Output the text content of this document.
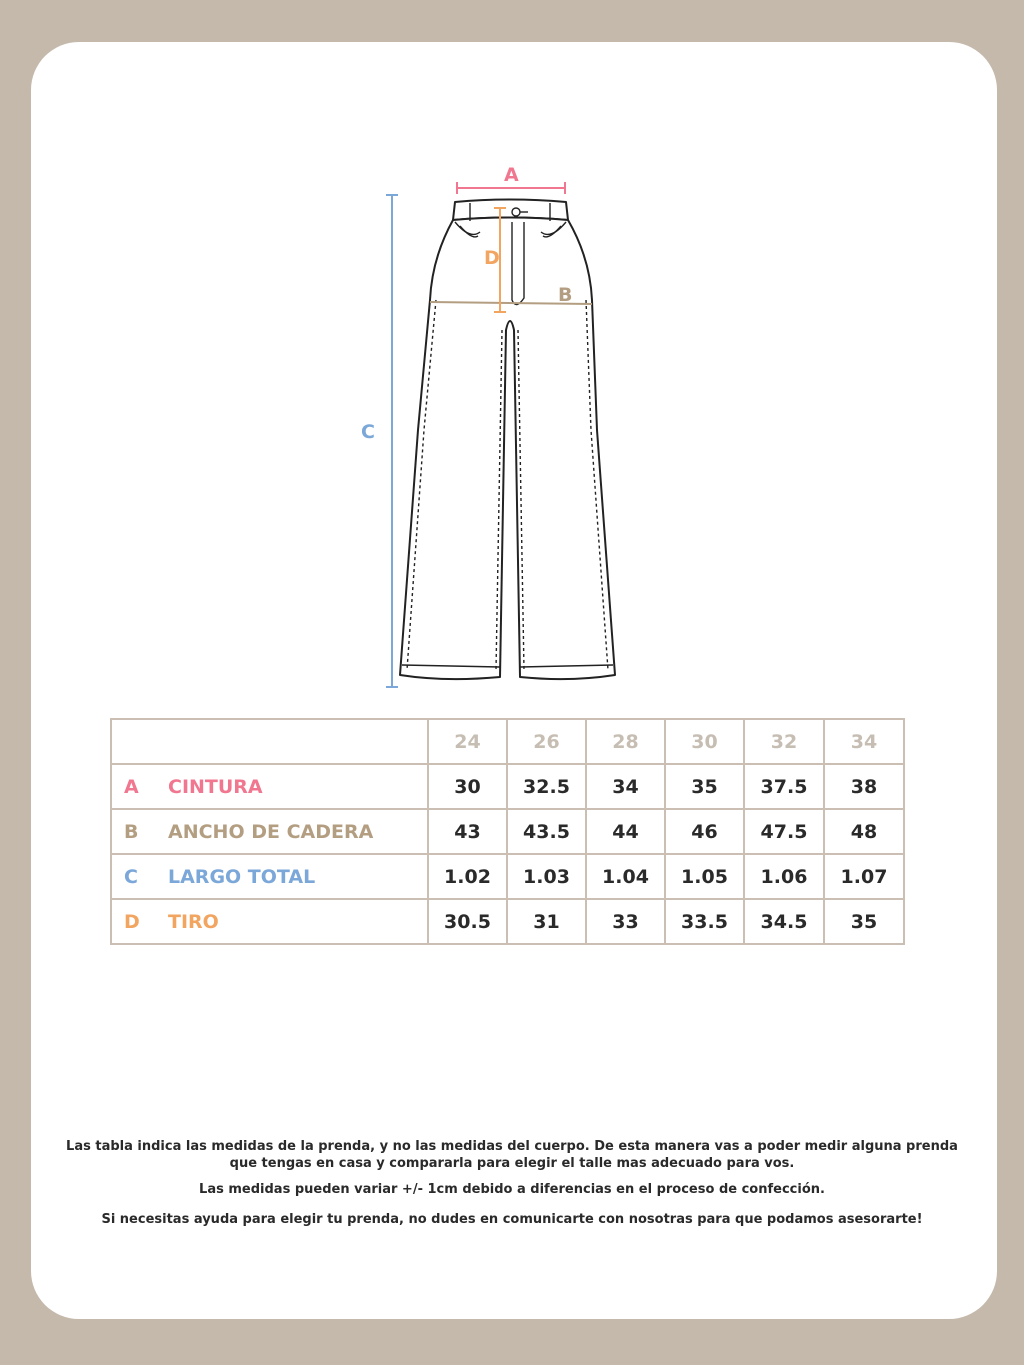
A
D
B
C
	24	26	28	30	32	34
A CINTURA	30	32.5	34	35	37.5	38
B ANCHO DE CADERA	43	43.5	44	46	47.5	48
C LARGO TOTAL	1.02	1.03	1.04	1.05	1.06	1.07
D TIRO	30.5	31	33	33.5	34.5	35
Las tabla indica las medidas de la prenda, y no las medidas del cuerpo. De esta manera vas a poder medir alguna prenda
que tengas en casa y compararla para elegir el talle mas adecuado para vos.
Las medidas pueden variar +/- 1cm debido a diferencias en el proceso de confección.
Si necesitas ayuda para elegir tu prenda, no dudes en comunicarte con nosotras para que podamos asesorarte!
